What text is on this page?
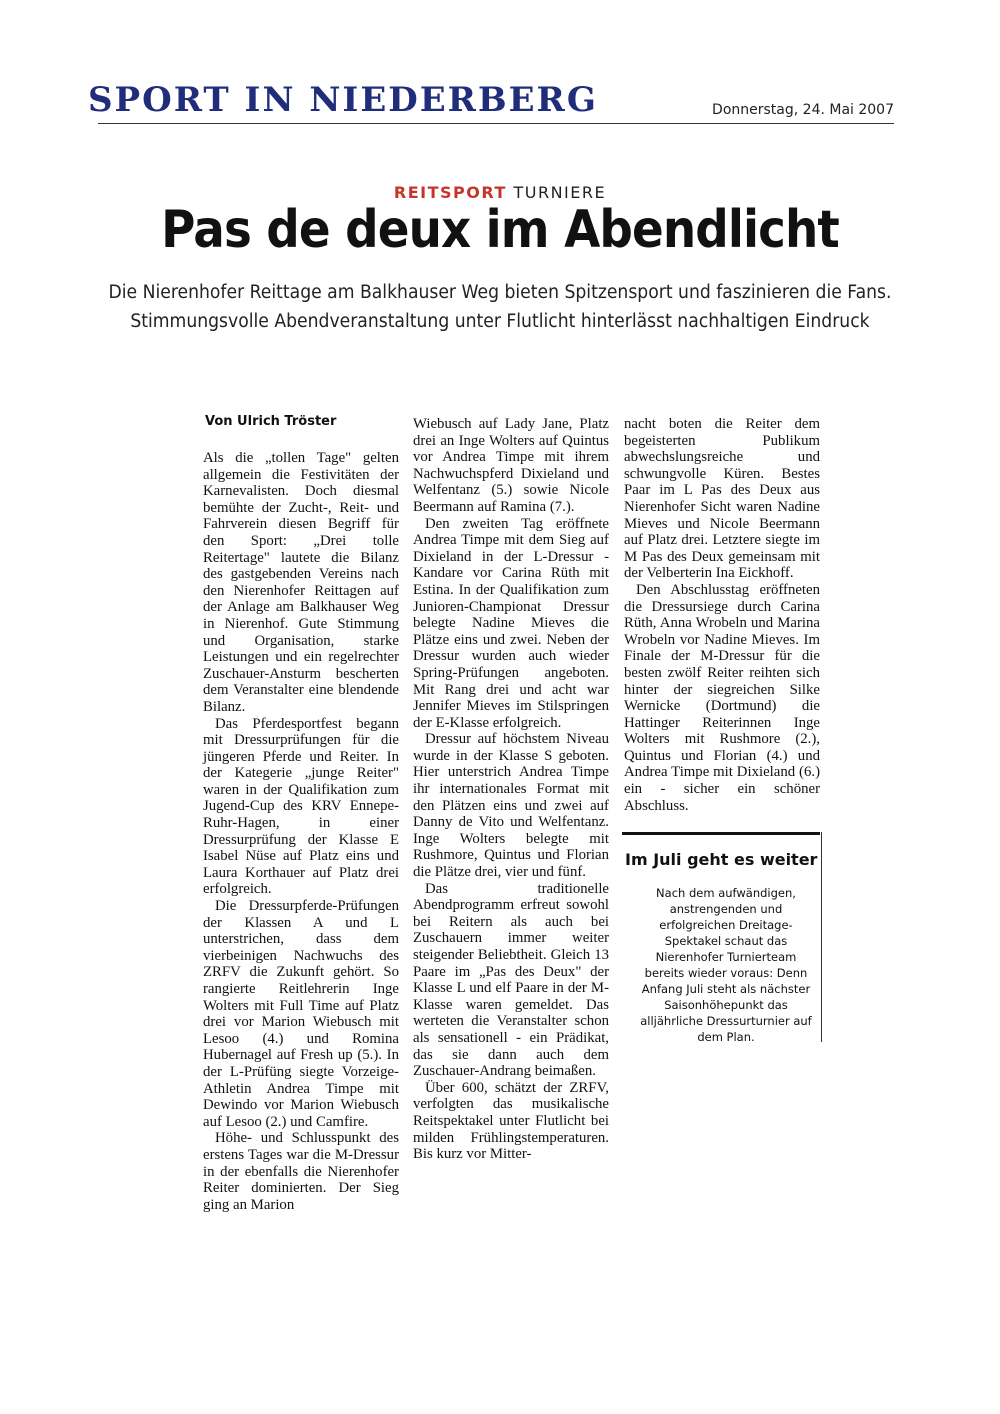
SPORT IN NIEDERBERG	Donnerstag, 24. Mai 2007
REITSPORT TURNIERE
Pas de deux im Abendlicht
Die Nierenhofer Reittage am Balkhauser Weg bieten Spitzensport und faszinieren die Fans.
Stimmungsvolle Abendveranstaltung unter Flutlicht hinterlässt nachhaltigen Eindruck
Von Ulrich Tröster

Als die „tollen Tage" gelten allgemein die Festivitäten der Karnevalisten. Doch diesmal bemühte der Zucht-, Reit- und Fahrverein diesen Begriff für den Sport: „Drei tolle Reitertage" lautete die Bilanz des gastgebenden Vereins nach den Nierenhofer Reittagen auf der Anlage am Balkhauser Weg in Nierenhof. Gute Stimmung und Organisation, starke Leistungen und ein regelrechter Zuschauer-Ansturm bescherten dem Veranstalter eine blendende Bilanz.

Das Pferdesportfest begann mit Dressurprüfungen für die jüngeren Pferde und Reiter. In der Kategerie „junge Reiter" waren in der Qualifikation zum Jugend-Cup des KRV Ennepe-Ruhr-Hagen, in einer Dressurprüfung der Klasse E Isabel Nüse auf Platz eins und Laura Korthauer auf Platz drei erfolgreich.

Die Dressurpferde-Prüfungen der Klassen A und L unterstrichen, dass dem vierbeinigen Nachwuchs des ZRFV die Zukunft gehört. So rangierte Reitlehrerin Inge Wolters mit Full Time auf Platz drei vor Marion Wiebusch mit Lesoo (4.) und Romina Hubernagel auf Fresh up (5.). In der L-Prüfüng siegte Vorzeige-Athletin Andrea Timpe mit Dewindo vor Marion Wiebusch auf Lesoo (2.) und Camfire.

Höhe- und Schlusspunkt des erstens Tages war die M-Dressur in der ebenfalls die Nierenhofer Reiter dominierten. Der Sieg ging an Marion

Wiebusch auf Lady Jane, Platz drei an Inge Wolters auf Quintus vor Andrea Timpe mit ihrem Nachwuchspferd Dixieland und Welfentanz (5.) sowie Nicole Beermann auf Ramina (7.).

Den zweiten Tag eröffnete Andrea Timpe mit dem Sieg auf Dixieland in der L-Dressur -Kandare vor Carina Rüth mit Estina. In der Qualifikation zum Junioren-Championat Dressur belegte Nadine Mieves die Plätze eins und zwei. Neben der Dressur wurden auch wieder Spring-Prüfungen angeboten. Mit Rang drei und acht war Jennifer Mieves im Stilspringen der E-Klasse erfolgreich.

Dressur auf höchstem Niveau wurde in der Klasse S geboten. Hier unterstrich Andrea Timpe ihr internationales Format mit den Plätzen eins und zwei auf Danny de Vito und Welfentanz. Inge Wolters belegte mit Rushmore, Quintus und Florian die Plätze drei, vier und fünf.

Das traditionelle Abendprogramm erfreut sowohl bei Reitern als auch bei Zuschauern immer weiter steigender Beliebtheit. Gleich 13 Paare im „Pas des Deux" der Klasse L und elf Paare in der M-Klasse waren gemeldet. Das werteten die Veranstalter schon als sensationell - ein Prädikat, das sie dann auch dem Zuschauer-Andrang beimaßen.

Über 600, schätzt der ZRFV, verfolgten das musikalische Reitspektakel unter Flutlicht bei milden Frühlingstemperaturen. Bis kurz vor Mitter-

nacht boten die Reiter dem begeisterten Publikum abwechslungsreiche und schwungvolle Küren. Bestes Paar im L Pas des Deux aus Nierenhofer Sicht waren Nadine Mieves und Nicole Beermann auf Platz drei. Letztere siegte im M Pas des Deux gemeinsam mit der Velberterin Ina Eickhoff.

Den Abschlusstag eröffneten die Dressursiege durch Carina Rüth, Anna Wrobeln und Marina Wrobeln vor Nadine Mieves. Im Finale der M-Dressur für die besten zwölf Reiter reihten sich hinter der siegreichen Silke Wernicke (Dortmund) die Hattinger Reiterinnen Inge Wolters mit Rushmore (2.), Quintus und Florian (4.) und Andrea Timpe mit Dixieland (6.) ein - sicher ein schöner Abschluss.

Im Juli geht es weiter
Nach dem aufwändigen, anstrengenden und erfolgreichen Dreitage-Spektakel schaut das Nierenhofer Turnierteam bereits wieder voraus: Denn Anfang Juli steht als nächster Saisonhöhepunkt das alljährliche Dressurturnier auf dem Plan.
